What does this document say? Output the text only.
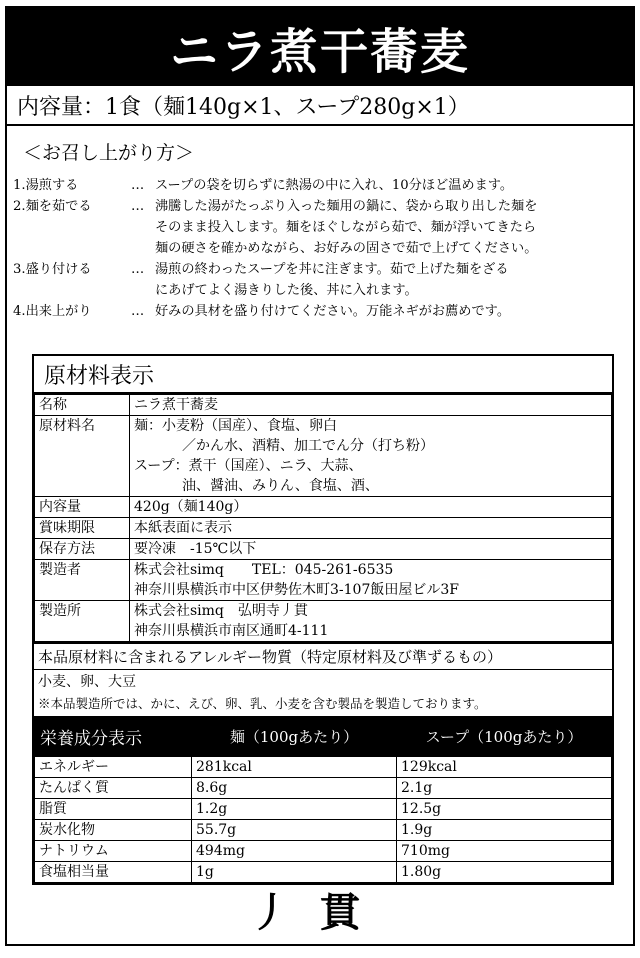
ニラ煮干蕎麦
内容量：1食（麺140g×1、スープ280g×1）
＜お召し上がり方＞
1.湯煎する	… スープの袋を切らずに熱湯の中に入れ、10分ほど温めます。
2.麺を茹でる	… 沸騰した湯がたっぷり入った麺用の鍋に、袋から取り出した麺を
そのまま投入します。麺をほぐしながら茹で、麺が浮いてきたら
麺の硬さを確かめながら、お好みの固さで茹で上げてください。
3.盛り付ける	… 湯煎の終わったスープを丼に注ぎます。茹で上げた麺をざる
にあげてよく湯きりした後、丼に入れます。
4.出来上がり	… 好みの具材を盛り付けてください。万能ネギがお薦めです。
原材料表示
名称	ニラ煮干蕎麦
原材料名	麺：小麦粉（国産）、食塩、卵白
／かん水、酒精、加工でん分（打ち粉）
スープ：煮干（国産）、ニラ、大蒜、
油、醤油、みりん、食塩、酒、

内容量	420g（麺140g）
賞味期限	本紙表面に表示
保存方法	要冷凍　-15℃以下
製造者	株式会社simq　　TEL：045-261-6535
神奈川県横浜市中区伊勢佐木町3-107飯田屋ビル3F

製造所	株式会社simq　弘明寺丿貫
神奈川県横浜市南区通町4-111
本品原材料に含まれるアレルギー物質（特定原材料及び準ずるもの）
小麦、卵、大豆
※本品製造所では、かに、えび、卵、乳、小麦を含む製品を製造しております。
栄養成分表示	麺（100gあたり）	スープ（100gあたり）
エネルギー	281kcal	129kcal
たんぱく質	8.6g	2.1g
脂質	1.2g	12.5g
炭水化物	55.7g	1.9g
ナトリウム	494mg	710mg
食塩相当量	1g	1.80g
丿貫
